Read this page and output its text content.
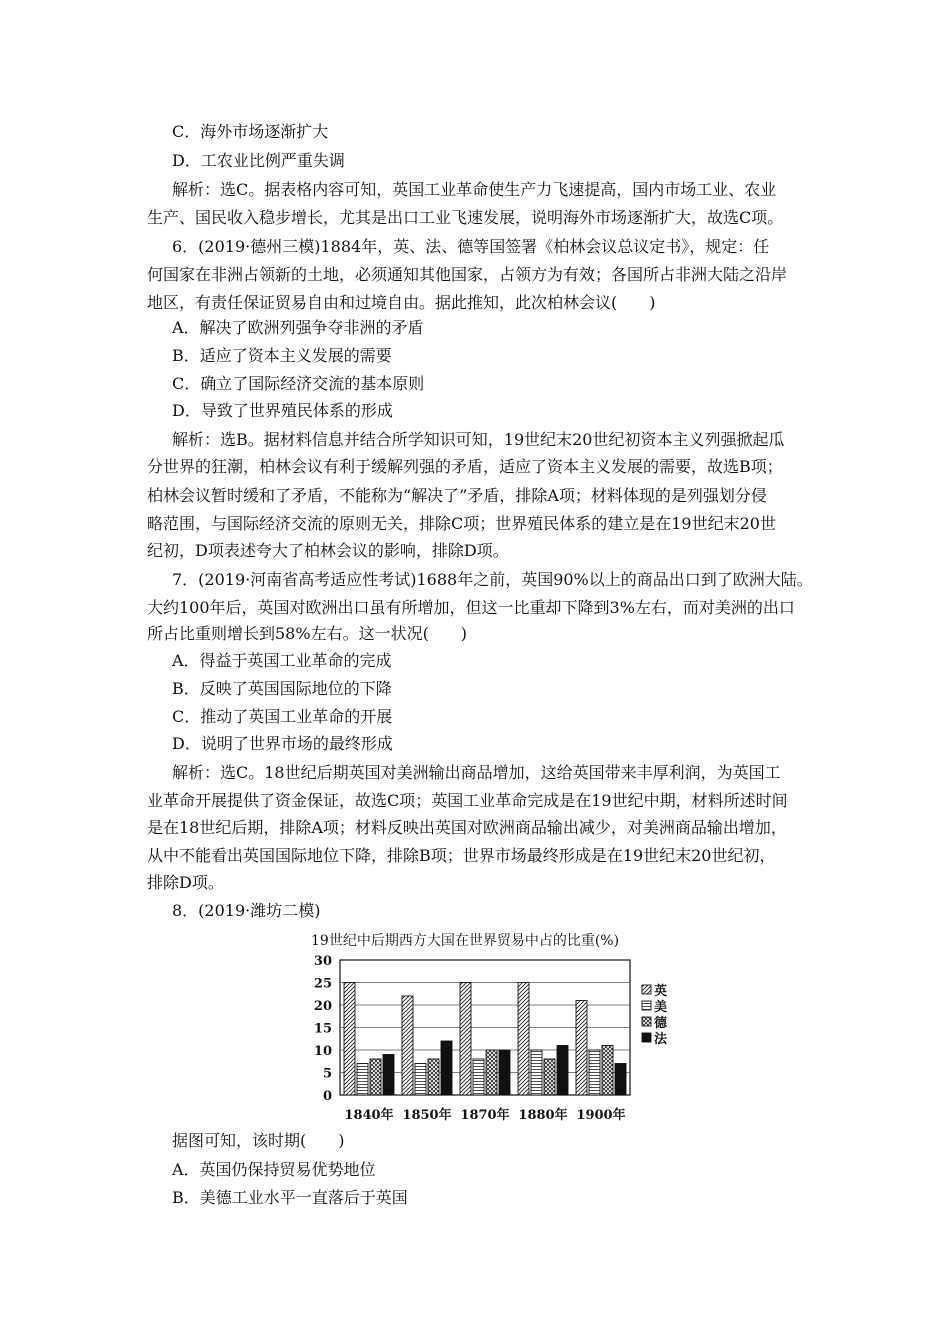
C．海外市场逐渐扩大
D．工农业比例严重失调
解析：选C。据表格内容可知，英国工业革命使生产力飞速提高，国内市场工业、农业
生产、国民收入稳步增长，尤其是出口工业飞速发展，说明海外市场逐渐扩大，故选C项。
6．(2019·德州三模)1884年，英、法、德等国签署《柏林会议总议定书》，规定：任
何国家在非洲占领新的土地，必须通知其他国家，占领方为有效；各国所占非洲大陆之沿岸
地区，有责任保证贸易自由和过境自由。据此推知，此次柏林会议(　　)
A．解决了欧洲列强争夺非洲的矛盾
B．适应了资本主义发展的需要
C．确立了国际经济交流的基本原则
D．导致了世界殖民体系的形成
解析：选B。据材料信息并结合所学知识可知，19世纪末20世纪初资本主义列强掀起瓜
分世界的狂潮，柏林会议有利于缓解列强的矛盾，适应了资本主义发展的需要，故选B项；
柏林会议暂时缓和了矛盾，不能称为“解决了”矛盾，排除A项；材料体现的是列强划分侵
略范围，与国际经济交流的原则无关，排除C项；世界殖民体系的建立是在19世纪末20世
纪初，D项表述夸大了柏林会议的影响，排除D项。
7．(2019·河南省高考适应性考试)1688年之前，英国90%以上的商品出口到了欧洲大陆。
大约100年后，英国对欧洲出口虽有所增加，但这一比重却下降到3%左右，而对美洲的出口
所占比重则增长到58%左右。这一状况(　　)
A．得益于英国工业革命的完成
B．反映了英国国际地位的下降
C．推动了英国工业革命的开展
D．说明了世界市场的最终形成
解析：选C。18世纪后期英国对美洲输出商品增加，这给英国带来丰厚利润，为英国工
业革命开展提供了资金保证，故选C项；英国工业革命完成是在19世纪中期，材料所述时间
是在18世纪后期，排除A项；材料反映出英国对欧洲商品输出减少，对美洲商品输出增加，
从中不能看出英国国际地位下降，排除B项；世界市场最终形成是在19世纪末20世纪初，
排除D项。
8．(2019·潍坊二模)
19世纪中后期西方大国在世界贸易中占的比重(%)
0
5
10
15
20
25
30
1840年 1850年 1870年 1880年 1900年
英
美
德
法
据图可知，该时期(　　)
A．英国仍保持贸易优势地位
B．美德工业水平一直落后于英国
